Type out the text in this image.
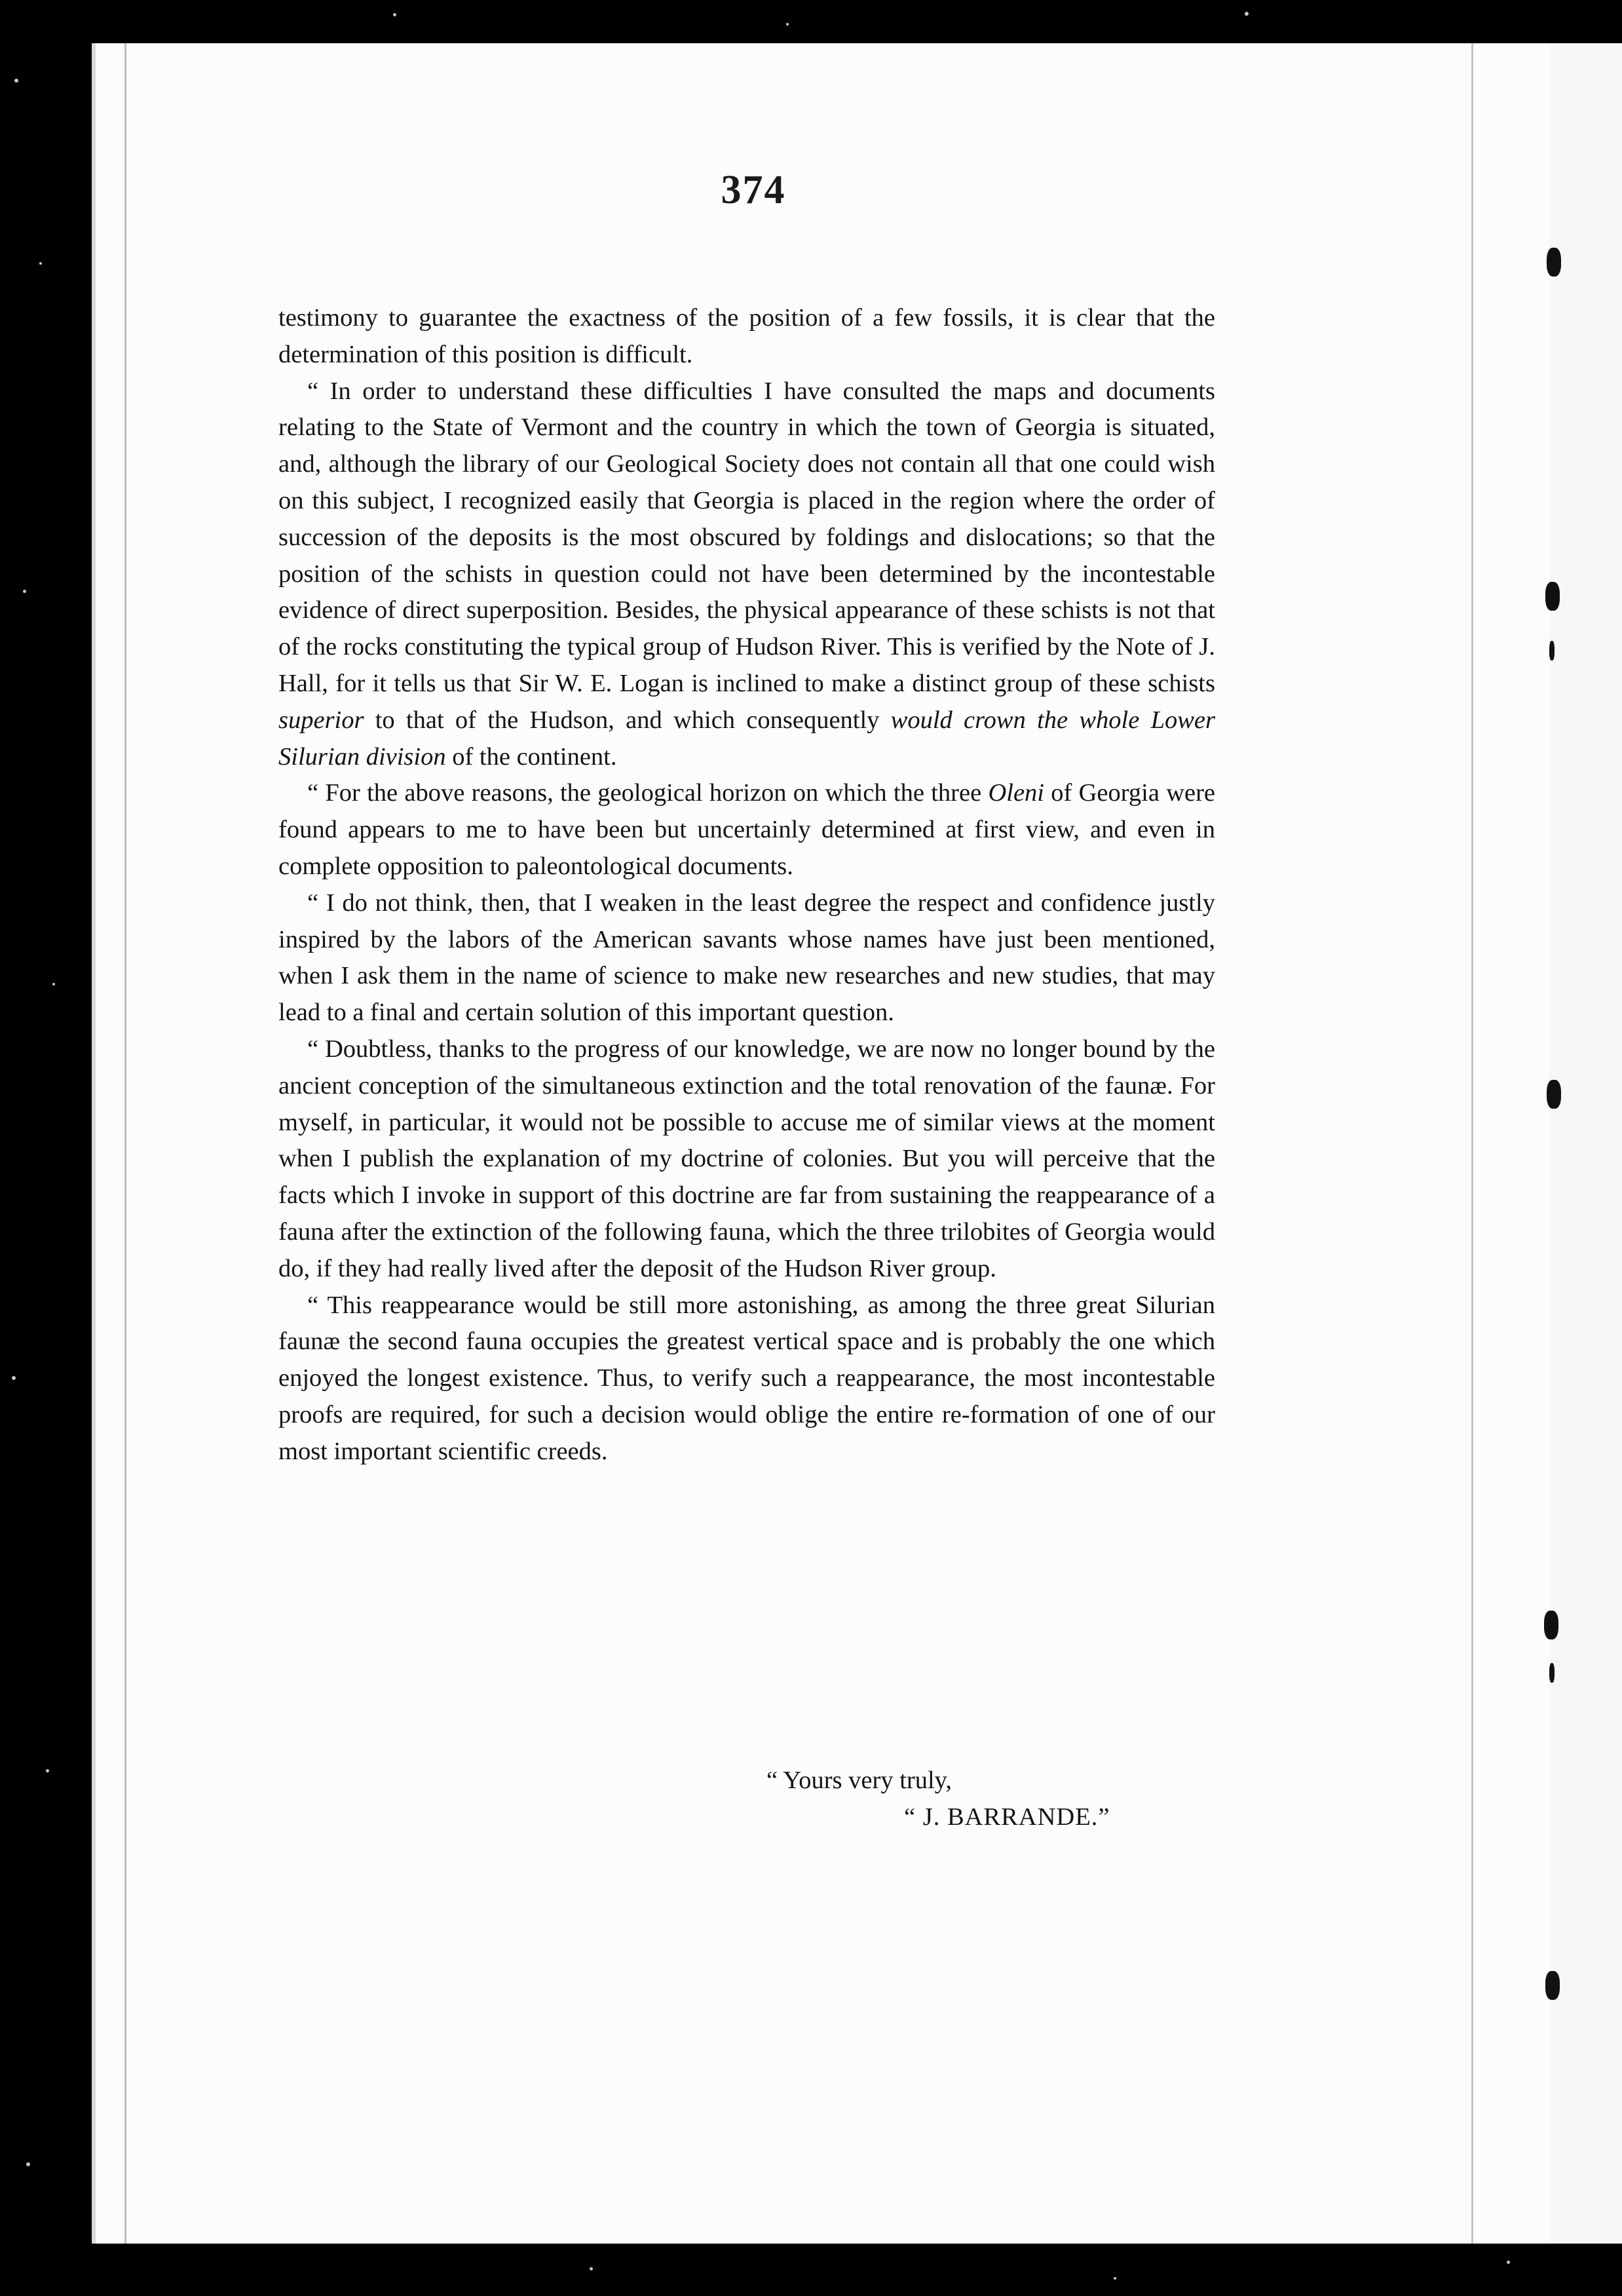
374

testimony to guarantee the exactness of the position of a few fossils, it is clear that the determination of this position is difficult.

“ In order to understand these difficulties I have consulted the maps and documents relating to the State of Vermont and the country in which the town of Georgia is situated, and, although the library of our Geological Society does not contain all that one could wish on this subject, I recognized easily that Georgia is placed in the region where the order of succession of the deposits is the most obscured by foldings and dislocations; so that the position of the schists in question could not have been determined by the incontestable evidence of direct superposition. Besides, the physical appearance of these schists is not that of the rocks constituting the typical group of Hudson River. This is verified by the Note of J. Hall, for it tells us that Sir W. E. Logan is inclined to make a distinct group of these schists superior to that of the Hudson, and which consequently would crown the whole Lower Silurian division of the continent.

“ For the above reasons, the geological horizon on which the three Oleni of Georgia were found appears to me to have been but uncertainly determined at first view, and even in complete opposition to paleontological documents.

“ I do not think, then, that I weaken in the least degree the respect and confidence justly inspired by the labors of the American savants whose names have just been mentioned, when I ask them in the name of science to make new researches and new studies, that may lead to a final and certain solution of this important question.

“ Doubtless, thanks to the progress of our knowledge, we are now no longer bound by the ancient conception of the simultaneous extinction and the total renovation of the faunæ. For myself, in particular, it would not be possible to accuse me of similar views at the moment when I publish the explanation of my doctrine of colonies. But you will perceive that the facts which I invoke in support of this doctrine are far from sustaining the reappearance of a fauna after the extinction of the following fauna, which the three trilobites of Georgia would do, if they had really lived after the deposit of the Hudson River group.

“ This reappearance would be still more astonishing, as among the three great Silurian faunæ the second fauna occupies the greatest vertical space and is probably the one which enjoyed the longest existence. Thus, to verify such a reappearance, the most incontestable proofs are required, for such a decision would oblige the entire re-formation of one of our most important scientific creeds.

“ Yours very truly,
“ J. BARRANDE.”
